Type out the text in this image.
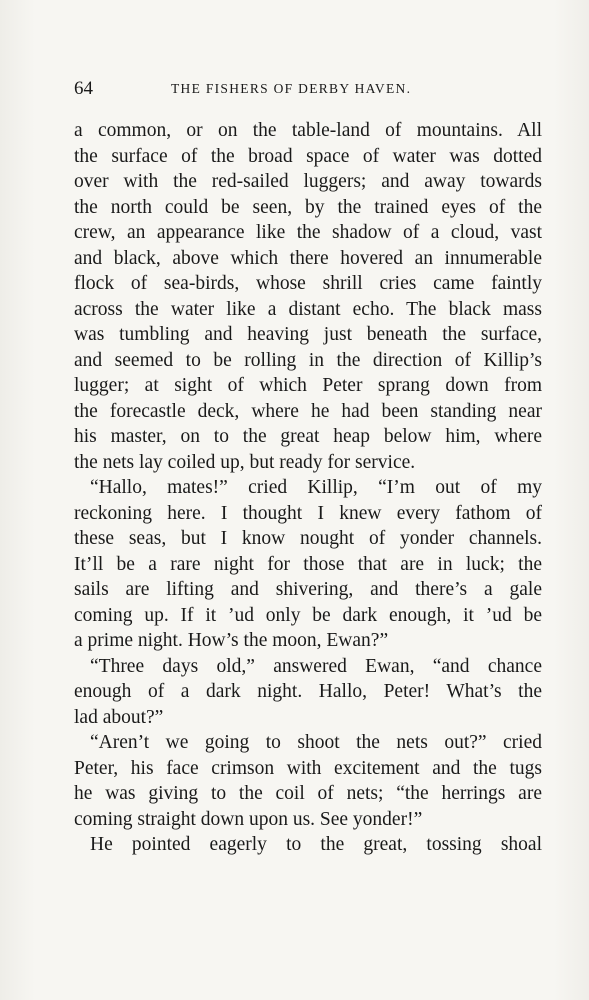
64	THE FISHERS OF DERBY HAVEN.
a common, or on the table-land of mountains. All
the surface of the broad space of water was dotted
over with the red-sailed luggers; and away towards
the north could be seen, by the trained eyes of the
crew, an appearance like the shadow of a cloud, vast
and black, above which there hovered an innumerable
flock of sea-birds, whose shrill cries came faintly
across the water like a distant echo. The black mass
was tumbling and heaving just beneath the surface,
and seemed to be rolling in the direction of Killip’s
lugger; at sight of which Peter sprang down from
the forecastle deck, where he had been standing near
his master, on to the great heap below him, where
the nets lay coiled up, but ready for service.
“Hallo, mates!” cried Killip, “I’m out of my
reckoning here. I thought I knew every fathom of
these seas, but I know nought of yonder channels.
It’ll be a rare night for those that are in luck; the
sails are lifting and shivering, and there’s a gale
coming up. If it ’ud only be dark enough, it ’ud be
a prime night. How’s the moon, Ewan?”
“Three days old,” answered Ewan, “and chance
enough of a dark night. Hallo, Peter! What’s the
lad about?”
“Aren’t we going to shoot the nets out?” cried
Peter, his face crimson with excitement and the tugs
he was giving to the coil of nets; “the herrings are
coming straight down upon us. See yonder!”
He pointed eagerly to the great, tossing shoal
